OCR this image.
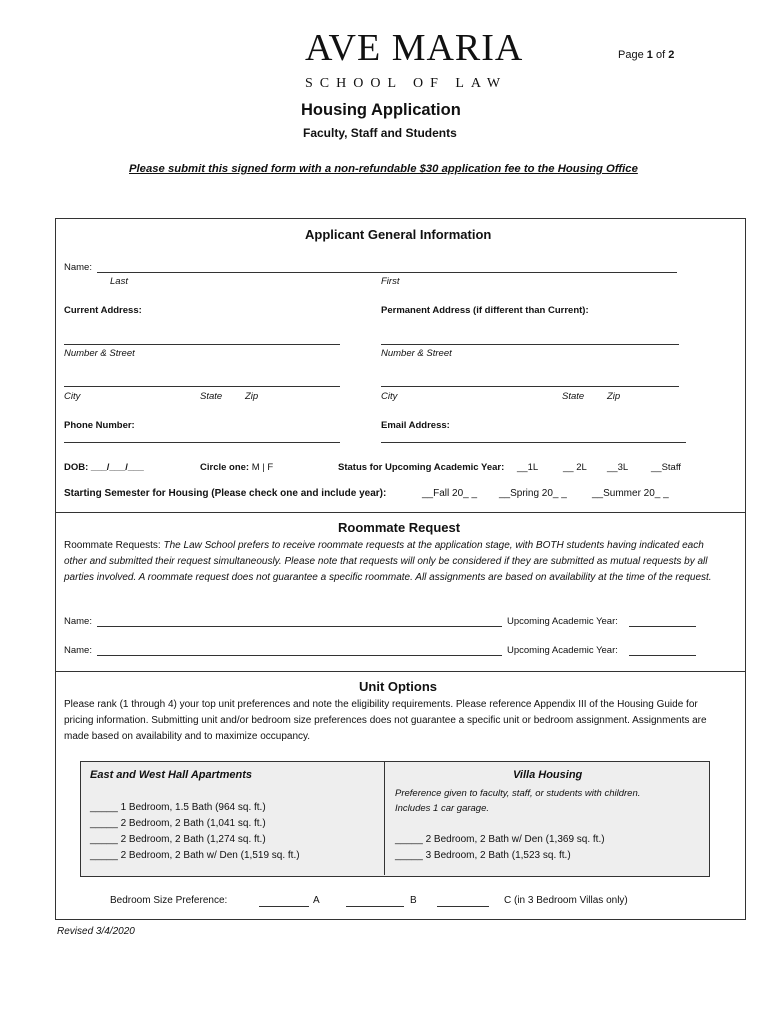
AVE MARIA
SCHOOL OF LAW
Page 1 of 2
Housing Application
Faculty, Staff and Students
Please submit this signed form with a non-refundable $30 application fee to the Housing Office
Applicant General Information
Name:
Last	First
Current Address:	Permanent Address (if different than Current):
Number & Street	Number & Street
City	State Zip	City	State Zip
Phone Number:	Email Address:
DOB: ___/___/___	Circle one: M | F	Status for Upcoming Academic Year: __1L	__ 2L __3L __Staff
Starting Semester for Housing (Please check one and include year):	__Fall 20_ _ __Spring 20_ _	__Summer 20_ _
Roommate Request
Roommate Requests: The Law School prefers to receive roommate requests at the application stage, with BOTH students having indicated each other and submitted their request simultaneously. Please note that requests will only be considered if they are submitted as mutual requests by all parties involved. A roommate request does not guarantee a specific roommate. All assignments are based on availability at the time of the request.
Name:	Upcoming Academic Year:
Name:	Upcoming Academic Year:
Unit Options
Please rank (1 through 4) your top unit preferences and note the eligibility requirements. Please reference Appendix III of the Housing Guide for pricing information. Submitting unit and/or bedroom size preferences does not guarantee a specific unit or bedroom assignment. Assignments are made based on availability and to maximize occupancy.
East and West Hall Apartments
_____ 1 Bedroom, 1.5 Bath (964 sq. ft.)
_____ 2 Bedroom, 2 Bath (1,041 sq. ft.)
_____ 2 Bedroom, 2 Bath (1,274 sq. ft.)
_____ 2 Bedroom, 2 Bath w/ Den (1,519 sq. ft.)
Villa Housing
Preference given to faculty, staff, or students with children.
Includes 1 car garage.
_____ 2 Bedroom, 2 Bath w/ Den (1,369 sq. ft.)
_____ 3 Bedroom, 2 Bath (1,523 sq. ft.)
Bedroom Size Preference:	A	B	C (in 3 Bedroom Villas only)
Revised 3/4/2020
